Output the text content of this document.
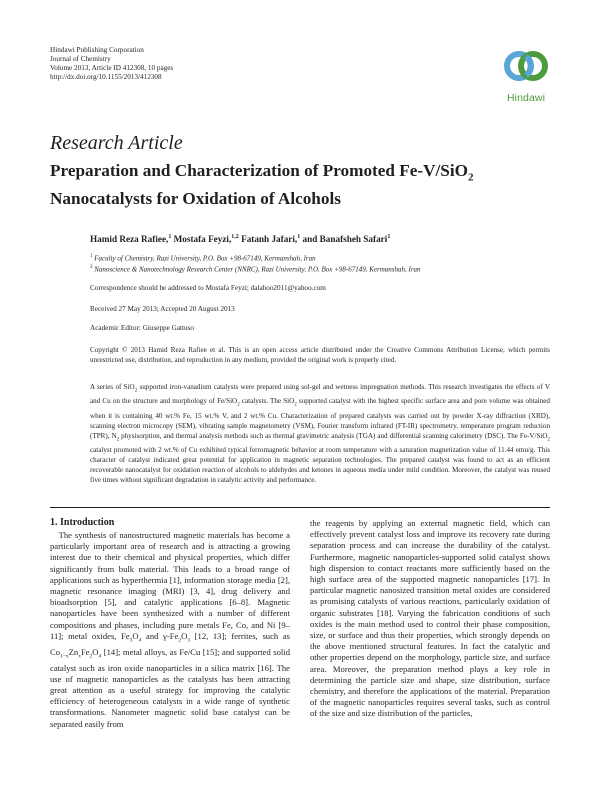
Hindawi Publishing Corporation
Journal of Chemistry
Volume 2013, Article ID 412308, 10 pages
http://dx.doi.org/10.1155/2013/412308
Hindawi
Research Article
Preparation and Characterization of Promoted Fe-V/SiO$_2$
Nanocatalysts for Oxidation of Alcohols
Hamid Reza Rafiee,$^1$ Mostafa Feyzi,$^{1,2}$ Fatanh Jafari,$^1$ and Banafsheh Safari$^1$
$^1$ Faculty of Chemistry, Razi University, P.O. Box +98-67149, Kermanshah, Iran
$^2$ Nanoscience & Nanotechnology Research Center (NNRC), Razi University, P.O. Box +98-67149, Kermanshah, Iran
Correspondence should be addressed to Mostafa Feyzi; dalahoo2011@yahoo.com
Received 27 May 2013; Accepted 20 August 2013
Academic Editor: Giuseppe Gattuso
Copyright © 2013 Hamid Reza Rafiee et al. This is an open access article distributed under the Creative Commons Attribution License, which permits unrestricted use, distribution, and reproduction in any medium, provided the original work is properly cited.
A series of SiO$_2$ supported iron-vanadium catalysts were prepared using sol-gel and wetness impregnation methods. This research investigates the effects of V and Cu on the structure and morphology of Fe/SiO$_2$ catalysts. The SiO$_2$ supported catalyst with the highest specific surface area and pore volume was obtained when it is containing 40 wt.% Fe, 15 wt.% V, and 2 wt.% Cu. Characterization of prepared catalysts was carried out by powder X-ray diffraction (XRD), scanning electron microcopy (SEM), vibrating sample magnetometry (VSM), Fourier transform infrared (FT-IR) spectrometry, temperature program reduction (TPR), $N_2$ physisorption, and thermal analysis methods such as thermal gravimetric analysis (TGA) and differential scanning calorimetry (DSC). The Fe-V/SiO$_2$ catalyst promoted with 2 wt.% of Cu exhibited typical ferromagnetic behavior at room temperature with a saturation magnetization value of 11.44 emu/g. This character of catalyst indicated great potential for application in magnetic separation technologies. The prepared catalyst was found to act as an efficient recoverable nanocatalyst for oxidation reaction of alcohols to aldehydes and ketones in aqueous media under mild condition. Moreover, the catalyst was reused five times without significant degradation in catalytic activity and performance.
1. Introduction

 The synthesis of nanostructured magnetic materials has become a particularly important area of research and is attracting a growing interest due to their chemical and physical properties, which differ significantly from bulk material. This leads to a broad range of applications such as hyperthermia [1], information storage media [2], magnetic resonance imaging (MRI) [3, 4], drug delivery and bioadsorption [5], and catalytic applications [6–8]. Magnetic nanoparticles have been synthesized with a number of different compositions and phases, including pure metals Fe, Co, and Ni [9–11]; metal oxides, $Fe_3O_4$ and $\gamma-Fe_2O_3$ [12, 13]; ferrites, such as $Co_{1-x}Zn_xFe_2O_4$ [14]; metal alloys, as Fe/Cu [15]; and supported solid catalyst such as iron oxide nanoparticles in a silica matrix [16]. The use of magnetic nanoparticles as the catalysts has been attracting great attention as a useful strategy for improving the catalytic efficiency of heterogeneous catalysts in a wide range of synthetic transformations. Nanometer magnetic solid base catalyst can be separated easily from

the reagents by applying an external magnetic field, which can effectively prevent catalyst loss and improve its recovery rate during separation process and can increase the durability of the catalyst. Furthermore, magnetic nanoparticles-supported solid catalyst shows high dispersion to contact reactants more sufficiently based on the high surface area of the supported magnetic nanoparticles [17]. In particular magnetic nanosized transition metal oxides are considered as promising catalysts of various reactions, particularly oxidation of organic substrates [18]. Varying the fabrication conditions of such oxides is the main method used to control their phase composition, size, or surface and thus their properties, which strongly depends on the above mentioned structural features. In fact the catalytic and other properties depend on the morphology, particle size, and surface area. Moreover, the preparation method plays a key role in determining the particle size and shape, size distribution, surface chemistry, and therefore the applications of the material. Preparation of the magnetic nanoparticles requires several tasks, such as control of the size and size distribution of the particles,
